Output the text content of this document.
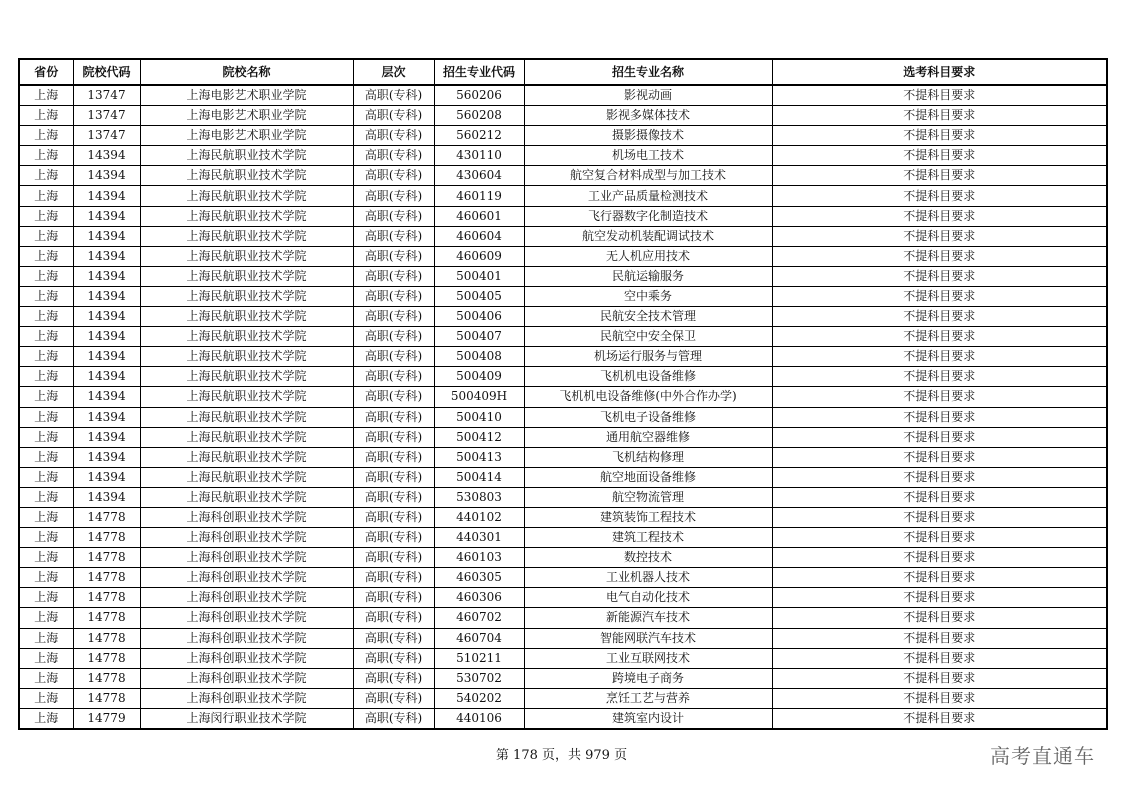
省份	院校代码	院校名称	层次	招生专业代码	招生专业名称	选考科目要求
上海	13747	上海电影艺术职业学院	高职(专科)	560206	影视动画	不提科目要求
上海	13747	上海电影艺术职业学院	高职(专科)	560208	影视多媒体技术	不提科目要求
上海	13747	上海电影艺术职业学院	高职(专科)	560212	摄影摄像技术	不提科目要求
上海	14394	上海民航职业技术学院	高职(专科)	430110	机场电工技术	不提科目要求
上海	14394	上海民航职业技术学院	高职(专科)	430604	航空复合材料成型与加工技术	不提科目要求
上海	14394	上海民航职业技术学院	高职(专科)	460119	工业产品质量检测技术	不提科目要求
上海	14394	上海民航职业技术学院	高职(专科)	460601	飞行器数字化制造技术	不提科目要求
上海	14394	上海民航职业技术学院	高职(专科)	460604	航空发动机装配调试技术	不提科目要求
上海	14394	上海民航职业技术学院	高职(专科)	460609	无人机应用技术	不提科目要求
上海	14394	上海民航职业技术学院	高职(专科)	500401	民航运输服务	不提科目要求
上海	14394	上海民航职业技术学院	高职(专科)	500405	空中乘务	不提科目要求
上海	14394	上海民航职业技术学院	高职(专科)	500406	民航安全技术管理	不提科目要求
上海	14394	上海民航职业技术学院	高职(专科)	500407	民航空中安全保卫	不提科目要求
上海	14394	上海民航职业技术学院	高职(专科)	500408	机场运行服务与管理	不提科目要求
上海	14394	上海民航职业技术学院	高职(专科)	500409	飞机机电设备维修	不提科目要求
上海	14394	上海民航职业技术学院	高职(专科)	500409H	飞机机电设备维修(中外合作办学)	不提科目要求
上海	14394	上海民航职业技术学院	高职(专科)	500410	飞机电子设备维修	不提科目要求
上海	14394	上海民航职业技术学院	高职(专科)	500412	通用航空器维修	不提科目要求
上海	14394	上海民航职业技术学院	高职(专科)	500413	飞机结构修理	不提科目要求
上海	14394	上海民航职业技术学院	高职(专科)	500414	航空地面设备维修	不提科目要求
上海	14394	上海民航职业技术学院	高职(专科)	530803	航空物流管理	不提科目要求
上海	14778	上海科创职业技术学院	高职(专科)	440102	建筑装饰工程技术	不提科目要求
上海	14778	上海科创职业技术学院	高职(专科)	440301	建筑工程技术	不提科目要求
上海	14778	上海科创职业技术学院	高职(专科)	460103	数控技术	不提科目要求
上海	14778	上海科创职业技术学院	高职(专科)	460305	工业机器人技术	不提科目要求
上海	14778	上海科创职业技术学院	高职(专科)	460306	电气自动化技术	不提科目要求
上海	14778	上海科创职业技术学院	高职(专科)	460702	新能源汽车技术	不提科目要求
上海	14778	上海科创职业技术学院	高职(专科)	460704	智能网联汽车技术	不提科目要求
上海	14778	上海科创职业技术学院	高职(专科)	510211	工业互联网技术	不提科目要求
上海	14778	上海科创职业技术学院	高职(专科)	530702	跨境电子商务	不提科目要求
上海	14778	上海科创职业技术学院	高职(专科)	540202	烹饪工艺与营养	不提科目要求
上海	14779	上海闵行职业技术学院	高职(专科)	440106	建筑室内设计	不提科目要求
第 178 页，共 979 页	高考直通车
